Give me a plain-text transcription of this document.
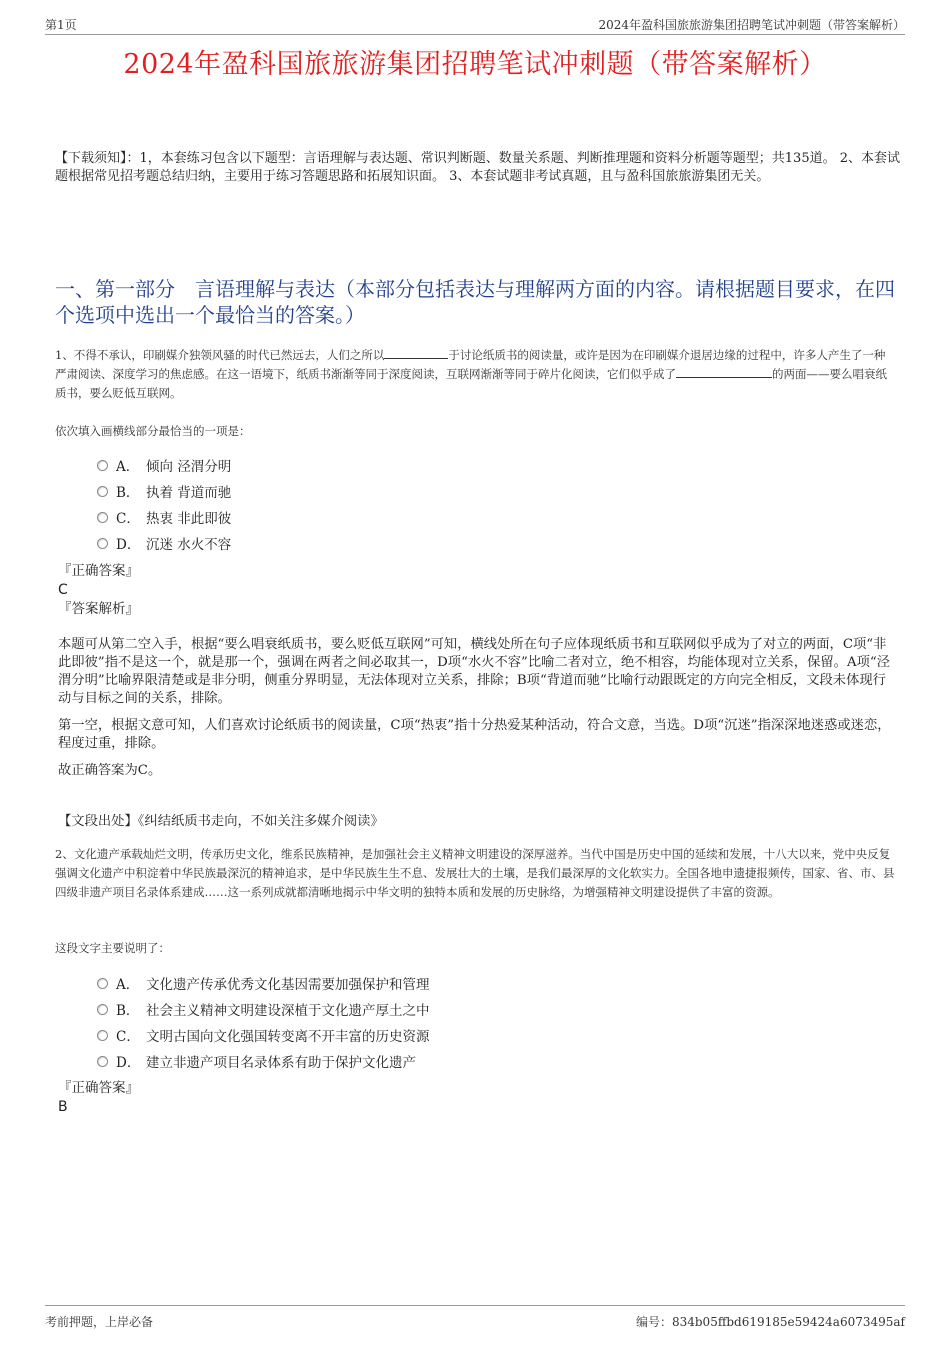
第1页	2024年盈科国旅旅游集团招聘笔试冲刺题（带答案解析）
2024年盈科国旅旅游集团招聘笔试冲刺题（带答案解析）
【下载须知】：1，本套练习包含以下题型：言语理解与表达题、常识判断题、数量关系题、判断推理题和资料分析题等题型；共135道。 2、本套试题根据常见招考题总结归纳，主要用于练习答题思路和拓展知识面。 3、本套试题非考试真题，且与盈科国旅旅游集团无关。
一、第一部分　言语理解与表达（本部分包括表达与理解两方面的内容。请根据题目要求，在四个选项中选出一个最恰当的答案。）
1、不得不承认，印刷媒介独领风骚的时代已然远去，人们之所以	于讨论纸质书的阅读量，或许是因为在印刷媒介退居边缘的过程中，许多人产生了一种严肃阅读、深度学习的焦虑感。在这一语境下，纸质书渐渐等同于深度阅读，互联网渐渐等同于碎片化阅读，它们似乎成了	的两面——要么唱衰纸质书，要么贬低互联网。
依次填入画横线部分最恰当的一项是：
A． 倾向 泾渭分明
B． 执着 背道而驰
C． 热衷 非此即彼
D． 沉迷 水火不容
『正确答案』
C
『答案解析』

本题可从第二空入手，根据“要么唱衰纸质书，要么贬低互联网”可知，横线处所在句子应体现纸质书和互联网似乎成为了对立的两面，C项“非此即彼”指不是这一个，就是那一个，强调在两者之间必取其一，D项“水火不容”比喻二者对立，绝不相容，均能体现对立关系，保留。A项“泾渭分明”比喻界限清楚或是非分明，侧重分界明显，无法体现对立关系，排除；B项“背道而驰”比喻行动跟既定的方向完全相反，文段未体现行动与目标之间的关系，排除。

第一空，根据文意可知，人们喜欢讨论纸质书的阅读量，C项“热衷”指十分热爱某种活动，符合文意，当选。D项“沉迷”指深深地迷惑或迷恋，程度过重，排除。

故正确答案为C。

【文段出处】《纠结纸质书走向，不如关注多媒介阅读》
2、文化遗产承载灿烂文明，传承历史文化，维系民族精神，是加强社会主义精神文明建设的深厚滋养。当代中国是历史中国的延续和发展，十八大以来，党中央反复强调文化遗产中积淀着中华民族最深沉的精神追求，是中华民族生生不息、发展壮大的土壤，是我们最深厚的文化软实力。全国各地申遗捷报频传，国家、省、市、县四级非遗产项目名录体系建成……这一系列成就都清晰地揭示中华文明的独特本质和发展的历史脉络，为增强精神文明建设提供了丰富的资源。
这段文字主要说明了：
A． 文化遗产传承优秀文化基因需要加强保护和管理
B． 社会主义精神文明建设深植于文化遗产厚土之中
C． 文明古国向文化强国转变离不开丰富的历史资源
D． 建立非遗产项目名录体系有助于保护文化遗产
『正确答案』
B
考前押题，上岸必备	编号：834b05ffbd619185e59424a6073495af
